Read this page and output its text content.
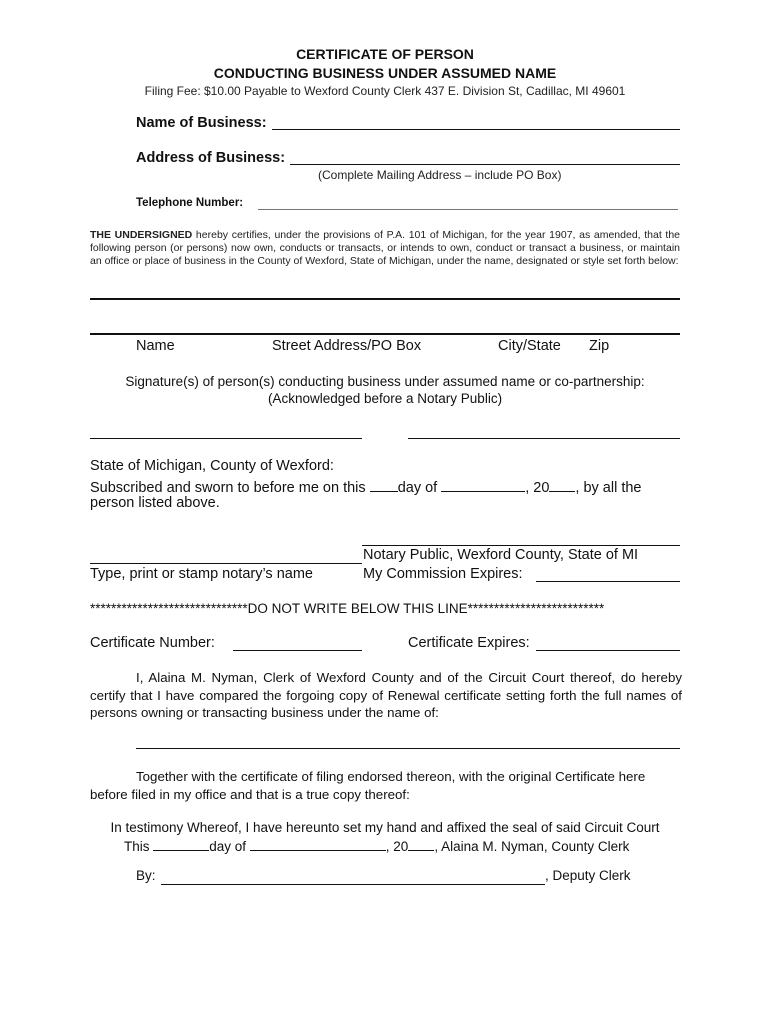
CERTIFICATE OF PERSON
CONDUCTING BUSINESS UNDER ASSUMED NAME
Filing Fee: $10.00 Payable to Wexford County Clerk 437 E. Division St, Cadillac, MI 49601
Name of Business:
Address of Business:
(Complete Mailing Address – include PO Box)
Telephone Number:
THE UNDERSIGNED hereby certifies, under the provisions of P.A. 101 of Michigan, for the year 1907, as amended, that the following person (or persons) now own, conducts or transacts, or intends to own, conduct or transact a business, or maintain an office or place of business in the County of Wexford, State of Michigan, under the name, designated or style set forth below:
Name	Street Address/PO Box	City/State Zip
Signature(s) of person(s) conducting business under assumed name or co-partnership:
(Acknowledged before a Notary Public)
State of Michigan, County of Wexford:
Subscribed and sworn to before me on this day of	, 20 , by all the
person listed above.
Notary Public, Wexford County, State of MI
Type, print or stamp notary’s name	My Commission Expires:
******************************DO NOT WRITE BELOW THIS LINE**************************
Certificate Number:	Certificate Expires:
I, Alaina M. Nyman, Clerk of Wexford County and of the Circuit Court thereof, do hereby certify that I have compared the forgoing copy of Renewal certificate setting forth the full names of persons owning or transacting business under the name of:
Together with the certificate of filing endorsed thereon, with the original Certificate here before filed in my office and that is a true copy thereof:
In testimony Whereof, I have hereunto set my hand and affixed the seal of said Circuit Court
This	day of	, 20 , Alaina M. Nyman, County Clerk
By:	, Deputy Clerk
